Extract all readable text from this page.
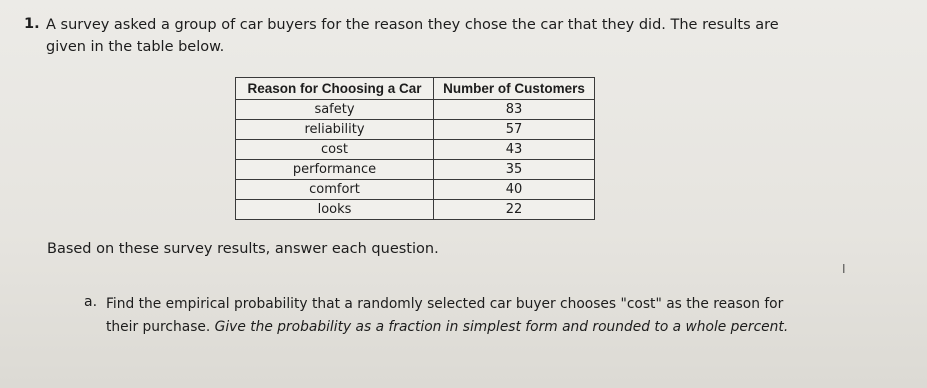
1. A survey asked a group of car buyers for the reason they chose the car that they did. The results are given in the table below.
Reason for Choosing a Car	Number of Customers
safety	83
reliability	57
cost	43
performance	35
comfort	40
looks	22
Based on these survey results, answer each question.
I
a. Find the empirical probability that a randomly selected car buyer chooses "cost" as the reason for their purchase. Give the probability as a fraction in simplest form and rounded to a whole percent.
